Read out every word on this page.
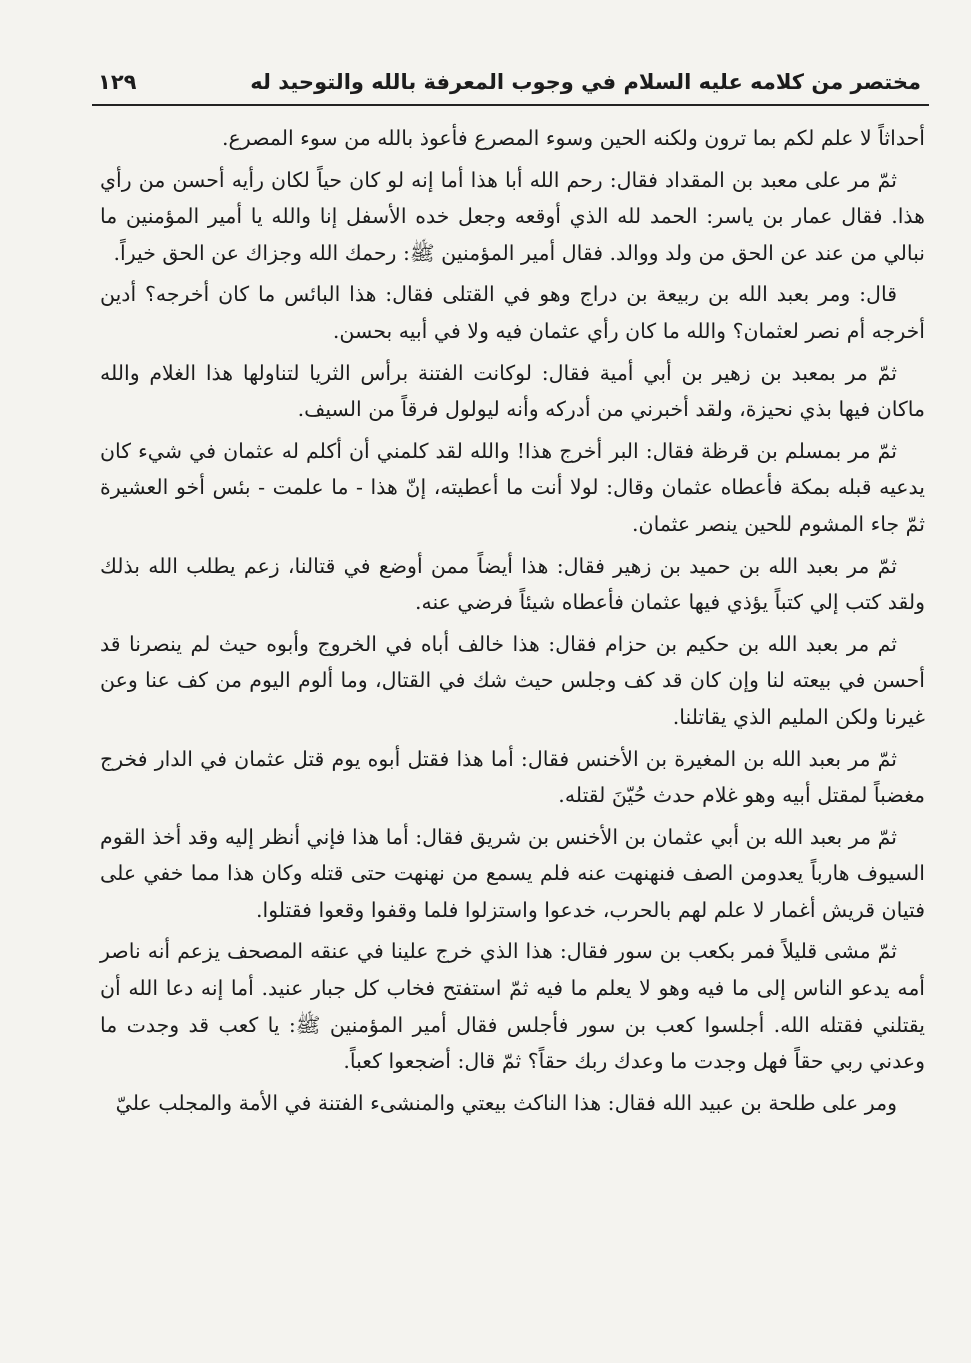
مختصر من كلامه عليه السلام في وجوب المعرفة بالله والتوحيد له
١٢٩

أحداثاً لا علم لكم بما ترون ولكنه الحين وسوء المصرع فأعوذ بالله من سوء المصرع.

ثمّ مر على معبد بن المقداد فقال: رحم الله أبا هذا أما إنه لو كان حياً لكان رأيه أحسن من رأي هذا. فقال عمار بن ياسر: الحمد لله الذي أوقعه وجعل خده الأسفل إنا والله يا أمير المؤمنين ما نبالي من عند عن الحق من ولد ووالد. فقال أمير المؤمنين ﷺ: رحمك الله وجزاك عن الحق خيراً.

قال: ومر بعبد الله بن ربيعة بن دراج وهو في القتلى فقال: هذا البائس ما كان أخرجه؟ أدين أخرجه أم نصر لعثمان؟ والله ما كان رأي عثمان فيه ولا في أبيه بحسن.

ثمّ مر بمعبد بن زهير بن أبي أمية فقال: لوكانت الفتنة برأس الثريا لتناولها هذا الغلام والله ماكان فيها بذي نحيزة، ولقد أخبرني من أدركه وأنه ليولول فرقاً من السيف.

ثمّ مر بمسلم بن قرظة فقال: البر أخرج هذا! والله لقد كلمني أن أكلم له عثمان في شيء كان يدعيه قبله بمكة فأعطاه عثمان وقال: لولا أنت ما أعطيته، إنّ هذا - ما علمت - بئس أخو العشيرة ثمّ جاء المشوم للحين ينصر عثمان.

ثمّ مر بعبد الله بن حميد بن زهير فقال: هذا أيضاً ممن أوضع في قتالنا، زعم يطلب الله بذلك ولقد كتب إلي كتباً يؤذي فيها عثمان فأعطاه شيئاً فرضي عنه.

ثم مر بعبد الله بن حكيم بن حزام فقال: هذا خالف أباه في الخروج وأبوه حيث لم ينصرنا قد أحسن في بيعته لنا وإن كان قد كف وجلس حيث شك في القتال، وما ألوم اليوم من كف عنا وعن غيرنا ولكن المليم الذي يقاتلنا.

ثمّ مر بعبد الله بن المغيرة بن الأخنس فقال: أما هذا فقتل أبوه يوم قتل عثمان في الدار فخرج مغضباً لمقتل أبيه وهو غلام حدث حُيّنَ لقتله.

ثمّ مر بعبد الله بن أبي عثمان بن الأخنس بن شريق فقال: أما هذا فإني أنظر إليه وقد أخذ القوم السيوف هارباً يعدومن الصف فنهنهت عنه فلم يسمع من نهنهت حتى قتله وكان هذا مما خفي على فتيان قريش أغمار لا علم لهم بالحرب، خدعوا واستزلوا فلما وقفوا وقعوا فقتلوا.

ثمّ مشى قليلاً فمر بكعب بن سور فقال: هذا الذي خرج علينا في عنقه المصحف يزعم أنه ناصر أمه يدعو الناس إلى ما فيه وهو لا يعلم ما فيه ثمّ استفتح فخاب كل جبار عنيد. أما إنه دعا الله أن يقتلني فقتله الله. أجلسوا كعب بن سور فأجلس فقال أمير المؤمنين ﷺ: يا كعب قد وجدت ما وعدني ربي حقاً فهل وجدت ما وعدك ربك حقاً؟ ثمّ قال: أضجعوا كعباً.

ومر على طلحة بن عبيد الله فقال: هذا الناكث بيعتي والمنشىء الفتنة في الأمة والمجلب عليّ
